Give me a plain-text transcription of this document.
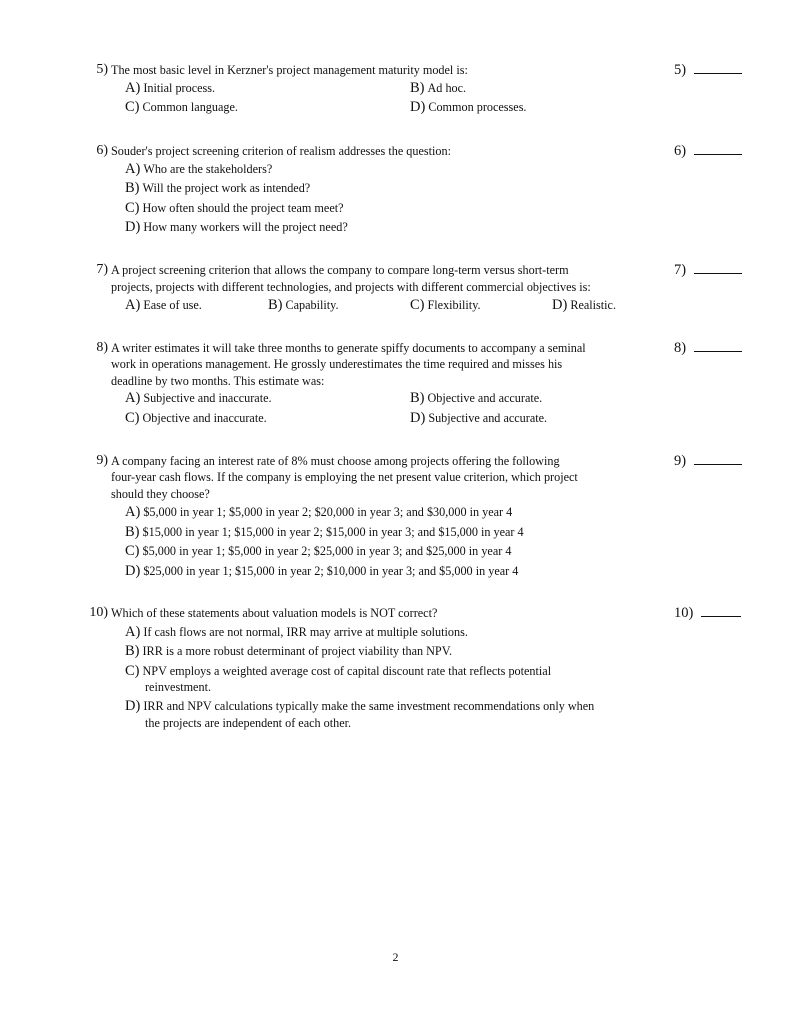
5) The most basic level in Kerzner's project management maturity model is:	5)
A) Initial process.	B) Ad hoc.
C) Common language.	D) Common processes.
6) Souder's project screening criterion of realism addresses the question:	6)
A) Who are the stakeholders?
B) Will the project work as intended?
C) How often should the project team meet?
D) How many workers will the project need?
7) A project screening criterion that allows the company to compare long-term versus short-term
projects, projects with different technologies, and projects with different commercial objectives is:
7)
A) Ease of use.	B) Capability.	C) Flexibility.	D) Realistic.
8) A writer estimates it will take three months to generate spiffy documents to accompany a seminal
work in operations management. He grossly underestimates the time required and misses his
deadline by two months. This estimate was:
8)
A) Subjective and inaccurate.	B) Objective and accurate.
C) Objective and inaccurate.	D) Subjective and accurate.
9) A company facing an interest rate of 8% must choose among projects offering the following
four-year cash flows. If the company is employing the net present value criterion, which project
should they choose?
9)
A) $5,000 in year 1; $5,000 in year 2; $20,000 in year 3; and $30,000 in year 4
B) $15,000 in year 1; $15,000 in year 2; $15,000 in year 3; and $15,000 in year 4
C) $5,000 in year 1; $5,000 in year 2; $25,000 in year 3; and $25,000 in year 4
D) $25,000 in year 1; $15,000 in year 2; $10,000 in year 3; and $5,000 in year 4
10) Which of these statements about valuation models is NOT correct?	10)
A) If cash flows are not normal, IRR may arrive at multiple solutions.
B) IRR is a more robust determinant of project viability than NPV.
C) NPV employs a weighted average cost of capital discount rate that reflects potential
reinvestment.
D) IRR and NPV calculations typically make the same investment recommendations only when
the projects are independent of each other.
2
